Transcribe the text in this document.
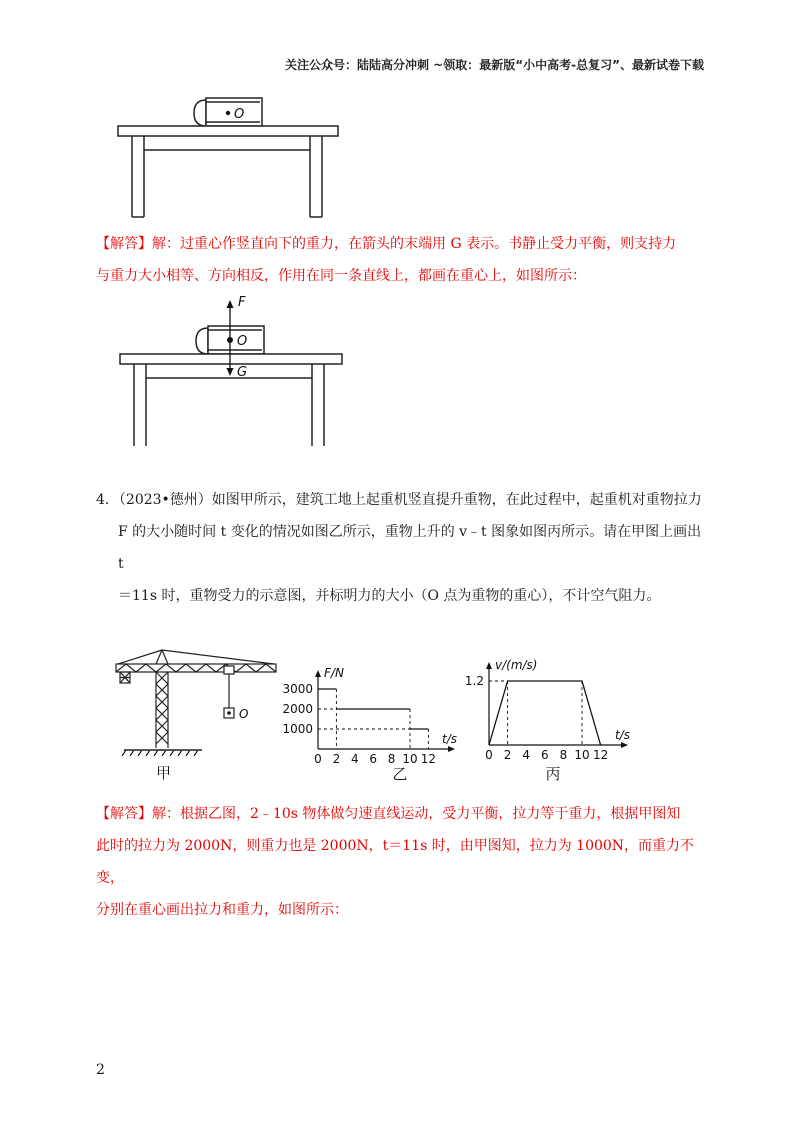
关注公众号：陆陆高分冲刺 ~领取：最新版“小中高考-总复习”、最新试卷下载
O
【解答】解：过重心作竖直向下的重力，在箭头的末端用 G 表示。书静止受力平衡，则支持力
与重力大小相等、方向相反，作用在同一条直线上，都画在重心上，如图所示：
F
O
G
4．（2023•德州）如图甲所示，建筑工地上起重机竖直提升重物，在此过程中，起重机对重物拉力

F 的大小随时间 t 变化的情况如图乙所示，重物上升的 v﹣t 图象如图丙所示。请在甲图上画出 t
＝11s 时，重物受力的示意图，并标明力的大小（O 点为重物的重心），不计空气阻力。
O
甲
0 2 4 6 8 10 12
t/s
F/N
1000
2000
3000
乙
0 2 4 6 8 10 12
t/s
v/(m/s)
1.2
丙
【解答】解：根据乙图，2﹣10s 物体做匀速直线运动，受力平衡，拉力等于重力，根据甲图知
此时的拉力为 2000N，则重力也是 2000N，t＝11s 时，由甲图知，拉力为 1000N，而重力不变，
分别在重心画出拉力和重力，如图所示：
2
